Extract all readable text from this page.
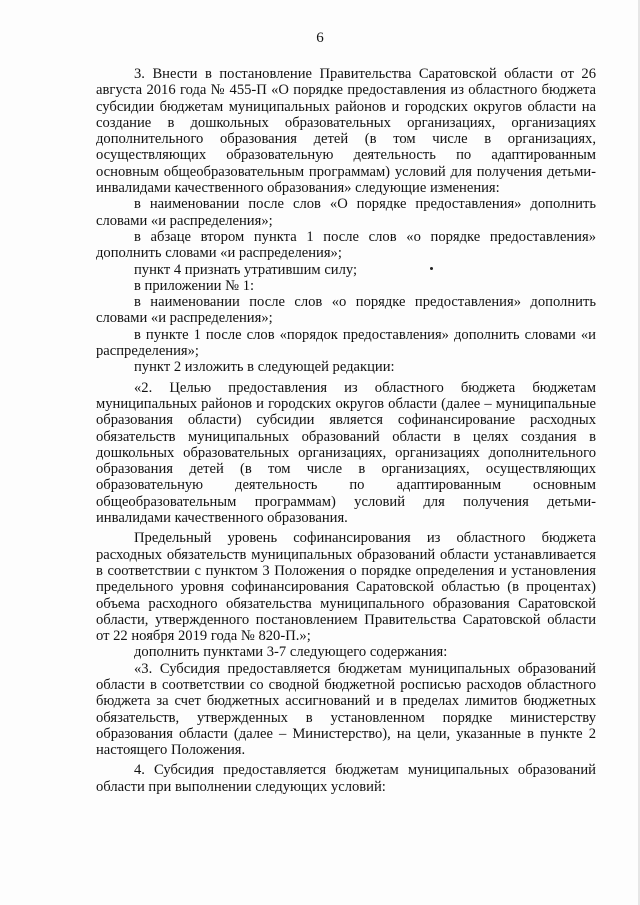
6

3. Внести в постановление Правительства Саратовской области от 26 августа 2016 года № 455-П «О порядке предоставления из областного бюджета субсидии бюджетам муниципальных районов и городских округов области на создание в дошкольных образовательных организациях, организациях дополнительного образования детей (в том числе в организациях, осуществляющих образовательную деятельность по адаптированным основным общеобразовательным программам) условий для получения детьми-инвалидами качественного образования» следующие изменения:

в наименовании после слов «О порядке предоставления» дополнить словами «и распределения»;

в абзаце втором пункта 1 после слов «о порядке предоставления» дополнить словами «и распределения»;

пункт 4 признать утратившим силу;

в приложении № 1:

в наименовании после слов «о порядке предоставления» дополнить словами «и распределения»;

в пункте 1 после слов «порядок предоставления» дополнить словами «и распределения»;

пункт 2 изложить в следующей редакции:

«2. Целью предоставления из областного бюджета бюджетам муниципальных районов и городских округов области (далее – муниципальные образования области) субсидии является софинансирование расходных обязательств муниципальных образований области в целях создания в дошкольных образовательных организациях, организациях дополнительного образования детей (в том числе в организациях, осуществляющих образовательную деятельность по адаптированным основным общеобразовательным программам) условий для получения детьми-инвалидами качественного образования.

Предельный уровень софинансирования из областного бюджета расходных обязательств муниципальных образований области устанавливается в соответствии с пунктом 3 Положения о порядке определения и установления предельного уровня софинансирования Саратовской областью (в процентах) объема расходного обязательства муниципального образования Саратовской области, утвержденного постановлением Правительства Саратовской области от 22 ноября 2019 года № 820-П.»;

дополнить пунктами 3-7 следующего содержания:

«3. Субсидия предоставляется бюджетам муниципальных образований области в соответствии со сводной бюджетной росписью расходов областного бюджета за счет бюджетных ассигнований и в пределах лимитов бюджетных обязательств, утвержденных в установленном порядке министерству образования области (далее – Министерство), на цели, указанные в пункте 2 настоящего Положения.

4. Субсидия предоставляется бюджетам муниципальных образований области при выполнении следующих условий:
